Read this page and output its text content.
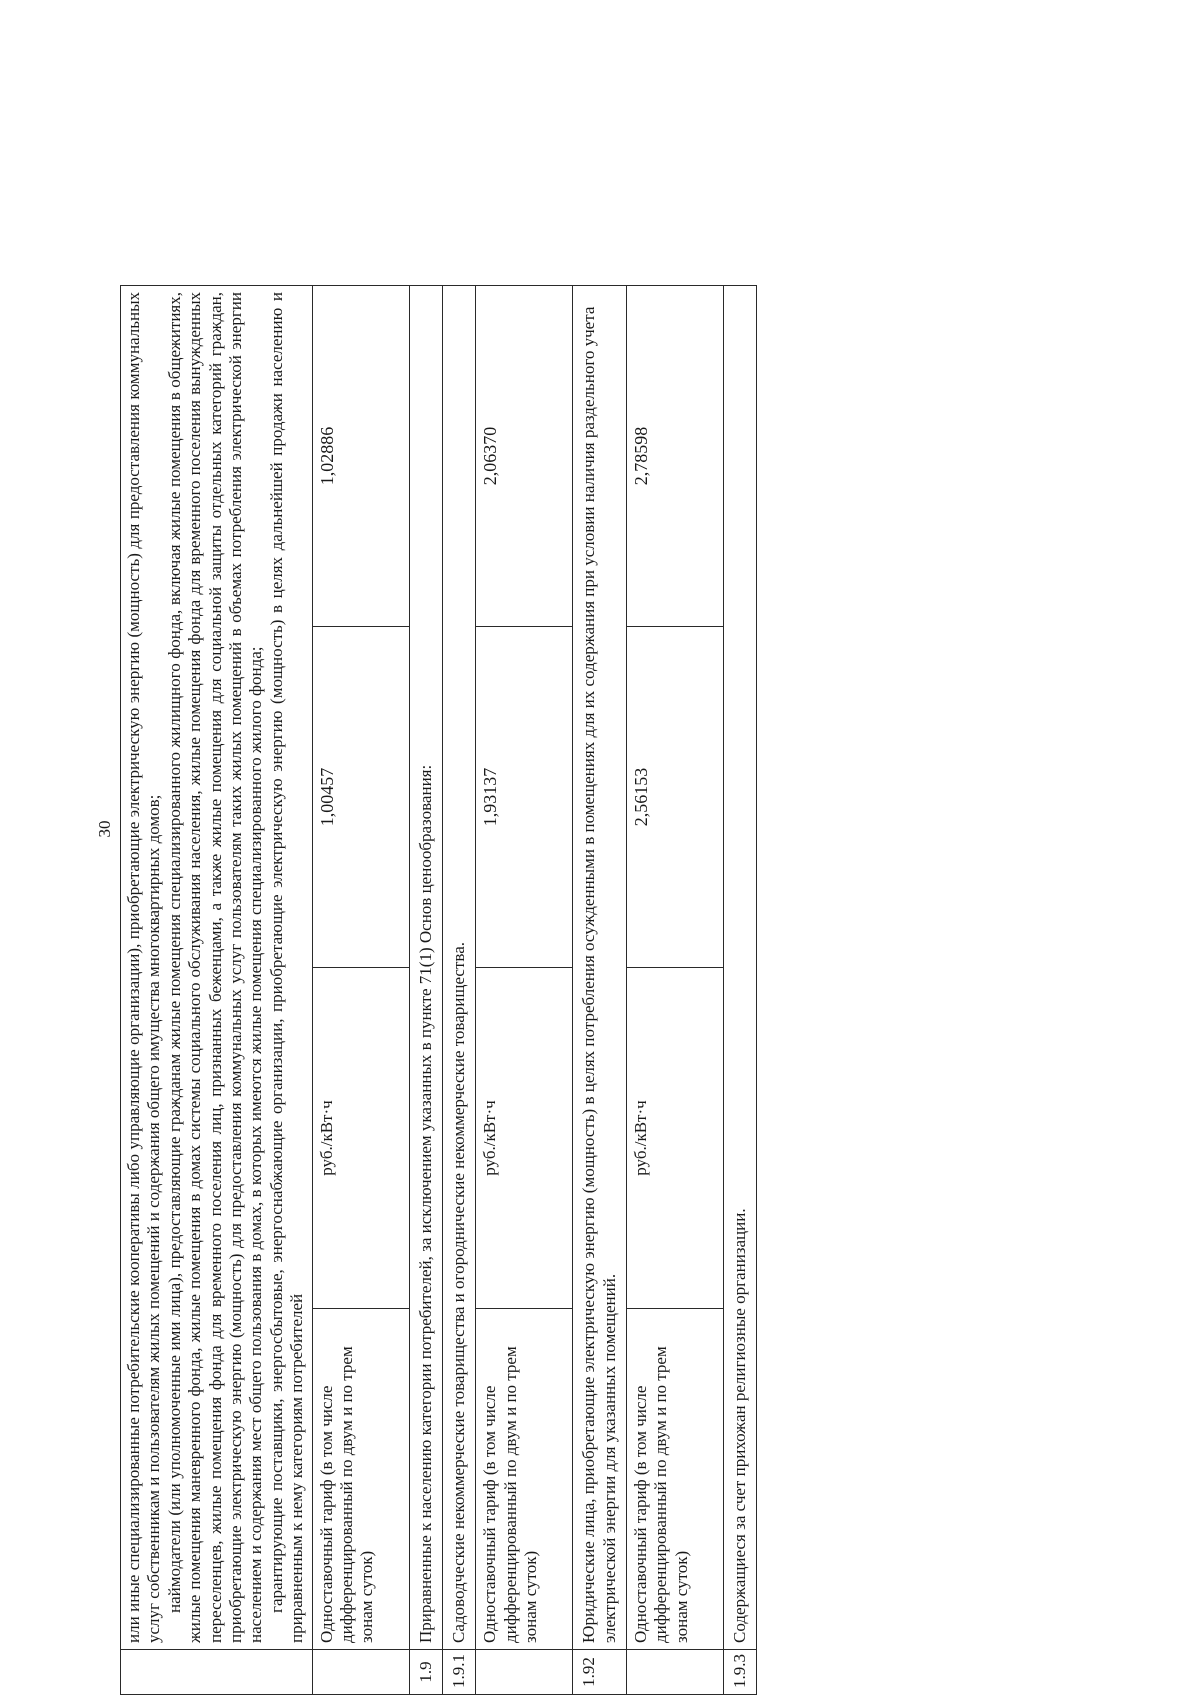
30

	или иные специализированные потребительские кооперативы либо управляющие организации), приобретающие электрическую энергию (мощность) для предоставления коммунальных услуг собственникам и пользователям жилых помещений и содержания общего имущества многоквартирных домов; наймодатели (или уполномоченные ими лица), предоставляющие гражданам жилые помещения специализированного жилищного фонда, включая жилые помещения в общежитиях, жилые помещения маневренного фонда, жилые помещения в домах системы социального обслуживания населения, жилые помещения фонда для временного поселения вынужденных переселенцев, жилые помещения фонда для временного поселения лиц, признанных беженцами, а также жилые помещения для социальной защиты отдельных категорий граждан, приобретающие электрическую энергию (мощность) для предоставления коммунальных услуг пользователям таких жилых помещений в объемах потребления электрической энергии населением и содержания мест общего пользования в домах, в которых имеются жилые помещения специализированного жилого фонда; гарантирующие поставщики, энергосбытовые, энергоснабжающие организации, приобретающие электрическую энергию (мощность) в целях дальнейшей продажи населению и приравненным к нему категориям потребителей			

	Одноставочный тариф (в том числе дифференцированный по двум и по трем зонам суток)	руб./кВт·ч	1,00457	1,02886
1.9	Приравненные к населению категории потребителей, за исключением указанных в пункте 71(1) Основ ценообразования:			
1.9.1	Садоводческие некоммерческие товарищества и огороднические некоммерческие товарищества.			
	Одноставочный тариф (в том числе дифференцированный по двум и по трем зонам суток)	руб./кВт·ч	1,93137	2,06370
1.92	Юридические лица, приобретающие электрическую энергию (мощность) в целях потребления осужденными в помещениях для их содержания при условии наличия раздельного учета электрической энергии для указанных помещений.			
	Одноставочный тариф (в том числе дифференцированный по двум и по трем зонам суток)	руб./кВт·ч	2,56153	2,78598
1.9.3	Содержащиеся за счет прихожан религиозные организации.			
